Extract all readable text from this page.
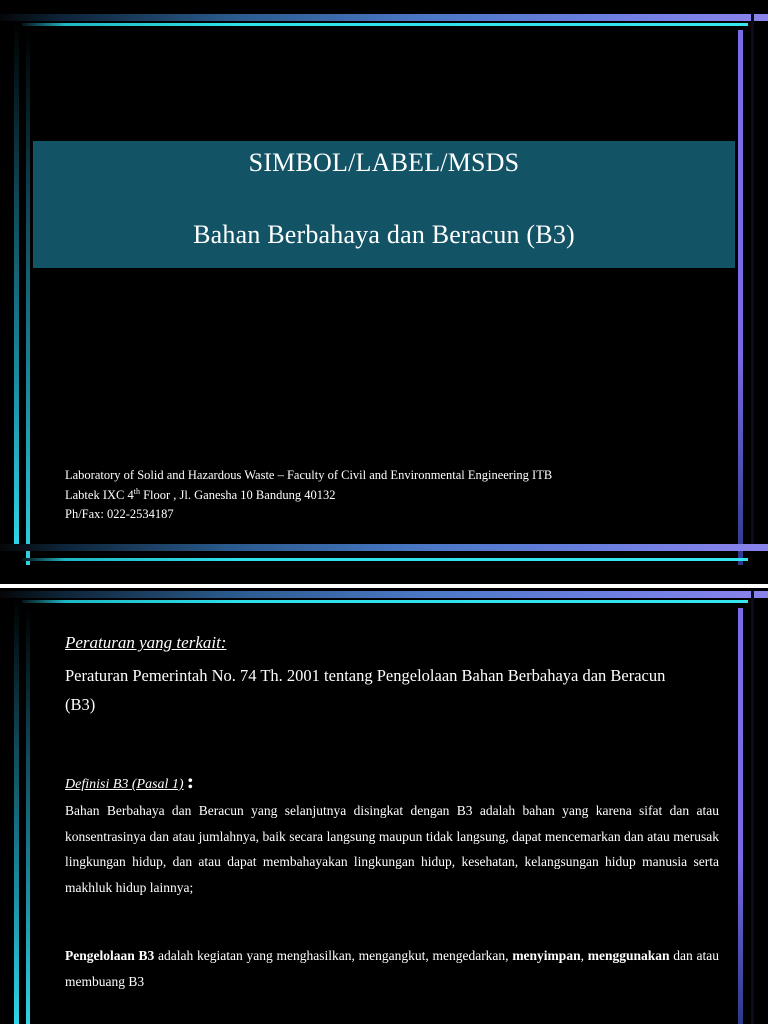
SIMBOL/LABEL/MSDS
Bahan Berbahaya dan Beracun (B3)
Laboratory of Solid and Hazardous Waste – Faculty of Civil and Environmental Engineering ITB
Labtek IXC 4th Floor , Jl. Ganesha 10 Bandung 40132
Ph/Fax: 022-2534187
Peraturan yang terkait:
Peraturan Pemerintah No. 74 Th. 2001 tentang Pengelolaan Bahan Berbahaya dan Beracun (B3)
Definisi B3 (Pasal 1) :
Bahan Berbahaya dan Beracun yang selanjutnya disingkat dengan B3 adalah bahan yang karena sifat dan atau konsentrasinya dan atau jumlahnya, baik secara langsung maupun tidak langsung, dapat mencemarkan dan atau merusak lingkungan hidup, dan atau dapat membahayakan lingkungan hidup, kesehatan, kelangsungan hidup manusia serta makhluk hidup lainnya;
Pengelolaan B3 adalah kegiatan yang menghasilkan, mengangkut, mengedarkan, menyimpan, menggunakan dan atau membuang B3
